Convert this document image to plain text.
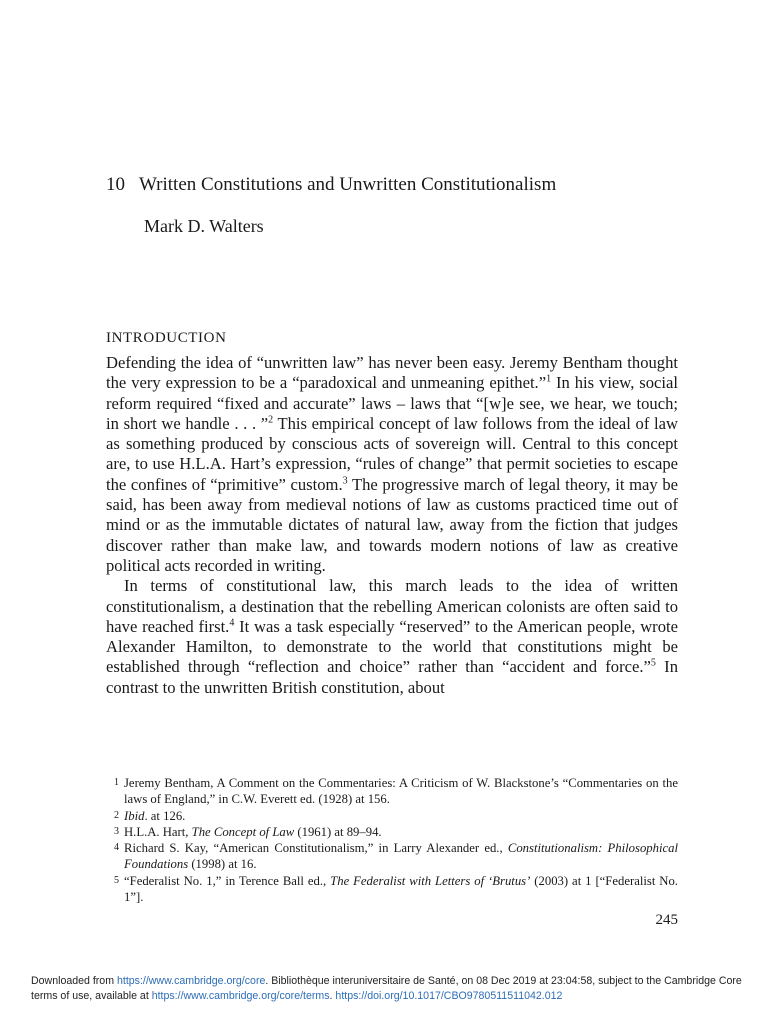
10 Written Constitutions and Unwritten Constitutionalism
Mark D. Walters
INTRODUCTION

Defending the idea of “unwritten law” has never been easy. Jeremy Bentham thought the very expression to be a “paradoxical and unmeaning epithet.”$^1$ In his view, social reform required “fixed and accurate” laws – laws that “[w]e see, we hear, we touch; in short we handle . . . ”$^2$ This empirical concept of law follows from the ideal of law as something produced by conscious acts of sovereign will. Central to this concept are, to use H.L.A. Hart’s expression, “rules of change” that permit societies to escape the confines of “primitive” custom.$^3$ The progressive march of legal theory, it may be said, has been away from medieval notions of law as customs practiced time out of mind or as the immutable dictates of natural law, away from the fiction that judges discover rather than make law, and towards modern notions of law as creative political acts recorded in writing.

In terms of constitutional law, this march leads to the idea of written constitutionalism, a destination that the rebelling American colonists are often said to have reached first.$^4$ It was a task especially “reserved” to the American people, wrote Alexander Hamilton, to demonstrate to the world that constitutions might be established through “reflection and choice” rather than “accident and force.”$^5$ In contrast to the unwritten British constitution, about

1 Jeremy Bentham, A Comment on the Commentaries: A Criticism of W. Blackstone’s “Commentaries on the laws of England,” in C.W. Everett ed. (1928) at 156.
2 Ibid. at 126.
3 H.L.A. Hart, The Concept of Law (1961) at 89–94.
4 Richard S. Kay, “American Constitutionalism,” in Larry Alexander ed., Constitutionalism: Philosophical Foundations (1998) at 16.
5 “Federalist No. 1,” in Terence Ball ed., The Federalist with Letters of ‘Brutus’ (2003) at 1 [“Federalist No. 1”].
245
Downloaded from https://www.cambridge.org/core. Bibliothèque interuniversitaire de Santé, on 08 Dec 2019 at 23:04:58, subject to the Cambridge Core terms of use, available at https://www.cambridge.org/core/terms. https://doi.org/10.1017/CBO9780511511042.012
